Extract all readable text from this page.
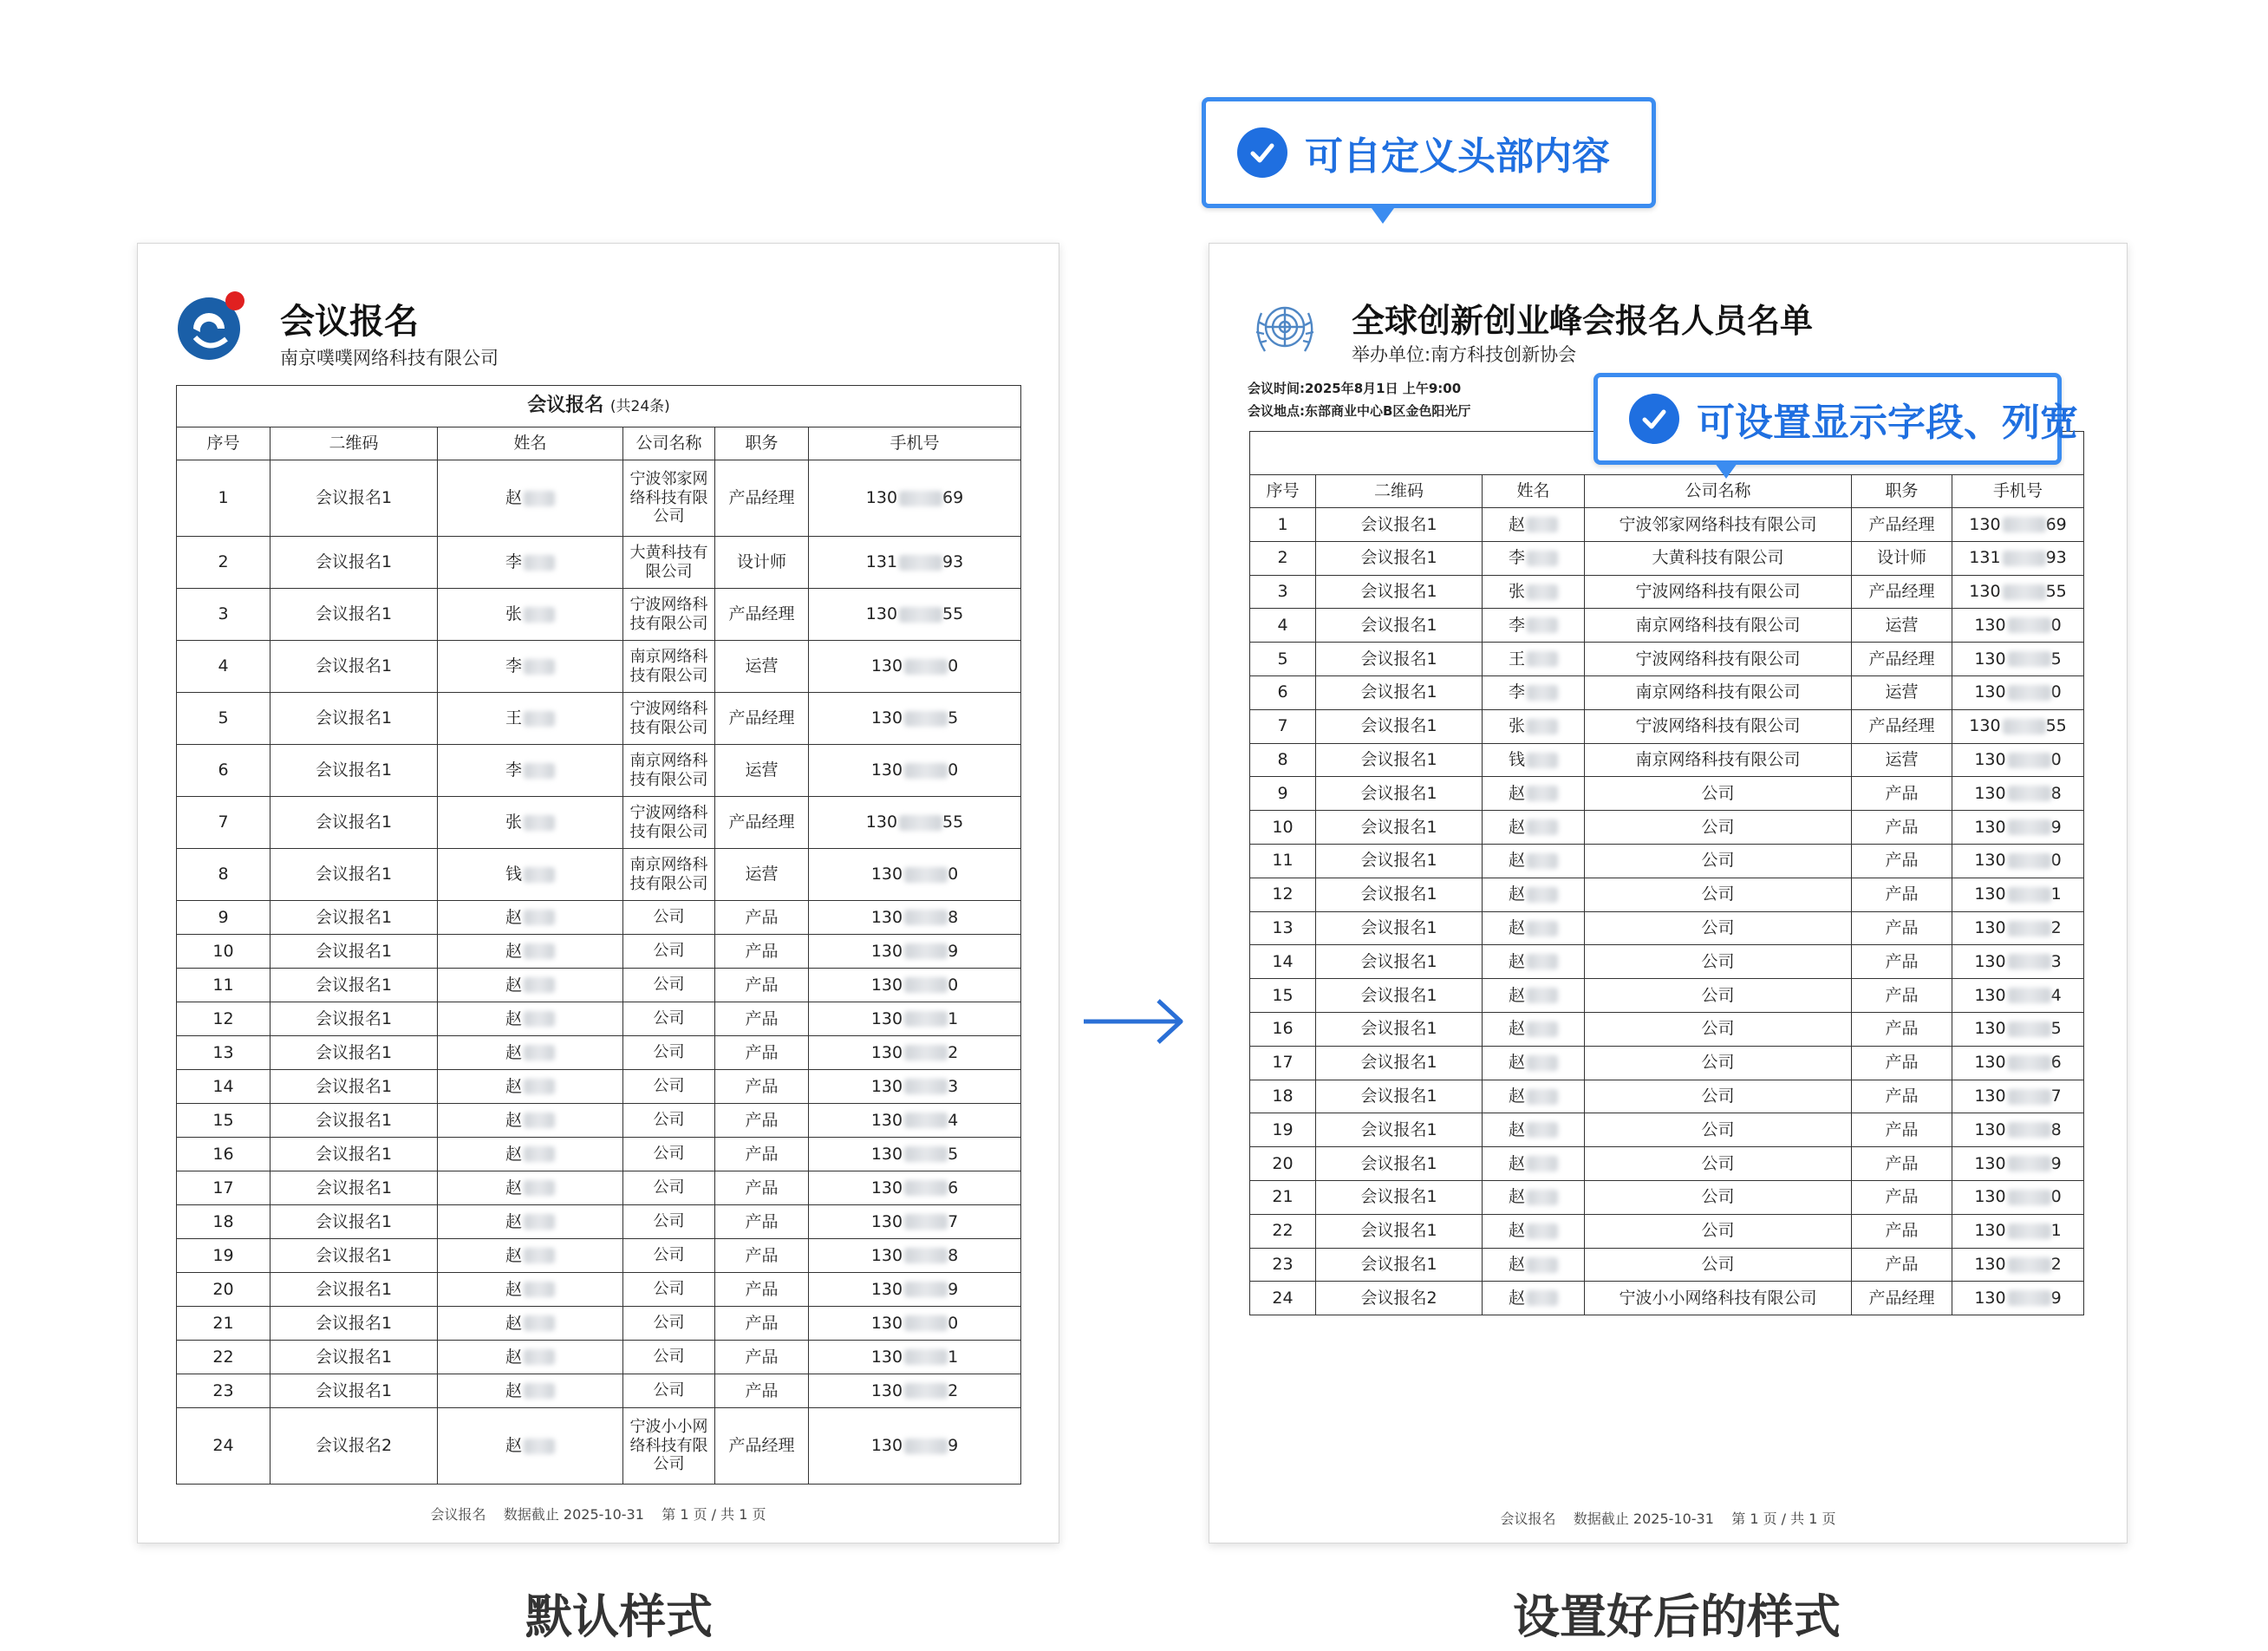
会议报名
南京噗噗网络科技有限公司
会议报名 (共24条)					
序号	二维码	姓名	公司名称	职务	手机号
1	会议报名1	赵	宁波邻家网
络科技有限
公司	产品经理	130 69
2	会议报名1	李	大黄科技有
限公司	设计师	131 93
3	会议报名1	张	宁波网络科
技有限公司	产品经理	130 55
4	会议报名1	李	南京网络科
技有限公司	运营	130 0
5	会议报名1	王	宁波网络科
技有限公司	产品经理	130 5
6	会议报名1	李	南京网络科
技有限公司	运营	130 0
7	会议报名1	张	宁波网络科
技有限公司	产品经理	130 55
8	会议报名1	钱	南京网络科
技有限公司	运营	130 0
9	会议报名1	赵	公司	产品	130 8
10	会议报名1	赵	公司	产品	130 9
11	会议报名1	赵	公司	产品	130 0
12	会议报名1	赵	公司	产品	130 1
13	会议报名1	赵	公司	产品	130 2
14	会议报名1	赵	公司	产品	130 3
15	会议报名1	赵	公司	产品	130 4
16	会议报名1	赵	公司	产品	130 5
17	会议报名1	赵	公司	产品	130 6
18	会议报名1	赵	公司	产品	130 7
19	会议报名1	赵	公司	产品	130 8
20	会议报名1	赵	公司	产品	130 9
21	会议报名1	赵	公司	产品	130 0
22	会议报名1	赵	公司	产品	130 1
23	会议报名1	赵	公司	产品	130 2
24	会议报名2	赵	宁波小小网
络科技有限
公司	产品经理	130 9
会议报名    数据截止 2025-10-31    第 1 页 / 共 1 页
全球创新创业峰会报名人员名单
举办单位:南方科技创新协会
会议时间:2025年8月1日 上午9:00
会议地点:东部商业中心B区金色阳光厅

序号	二维码	姓名	公司名称	职务	手机号
1	会议报名1	赵	宁波邻家网络科技有限公司	产品经理	130 69
2	会议报名1	李	大黄科技有限公司	设计师	131 93
3	会议报名1	张	宁波网络科技有限公司	产品经理	130 55
4	会议报名1	李	南京网络科技有限公司	运营	130 0
5	会议报名1	王	宁波网络科技有限公司	产品经理	130 5
6	会议报名1	李	南京网络科技有限公司	运营	130 0
7	会议报名1	张	宁波网络科技有限公司	产品经理	130 55
8	会议报名1	钱	南京网络科技有限公司	运营	130 0
9	会议报名1	赵	公司	产品	130 8
10	会议报名1	赵	公司	产品	130 9
11	会议报名1	赵	公司	产品	130 0
12	会议报名1	赵	公司	产品	130 1
13	会议报名1	赵	公司	产品	130 2
14	会议报名1	赵	公司	产品	130 3
15	会议报名1	赵	公司	产品	130 4
16	会议报名1	赵	公司	产品	130 5
17	会议报名1	赵	公司	产品	130 6
18	会议报名1	赵	公司	产品	130 7
19	会议报名1	赵	公司	产品	130 8
20	会议报名1	赵	公司	产品	130 9
21	会议报名1	赵	公司	产品	130 0
22	会议报名1	赵	公司	产品	130 1
23	会议报名1	赵	公司	产品	130 2
24	会议报名2	赵	宁波小小网络科技有限公司	产品经理	130 9
会议报名    数据截止 2025-10-31    第 1 页 / 共 1 页
可自定义头部内容
可设置显示字段、列宽
默认样式	设置好后的样式
